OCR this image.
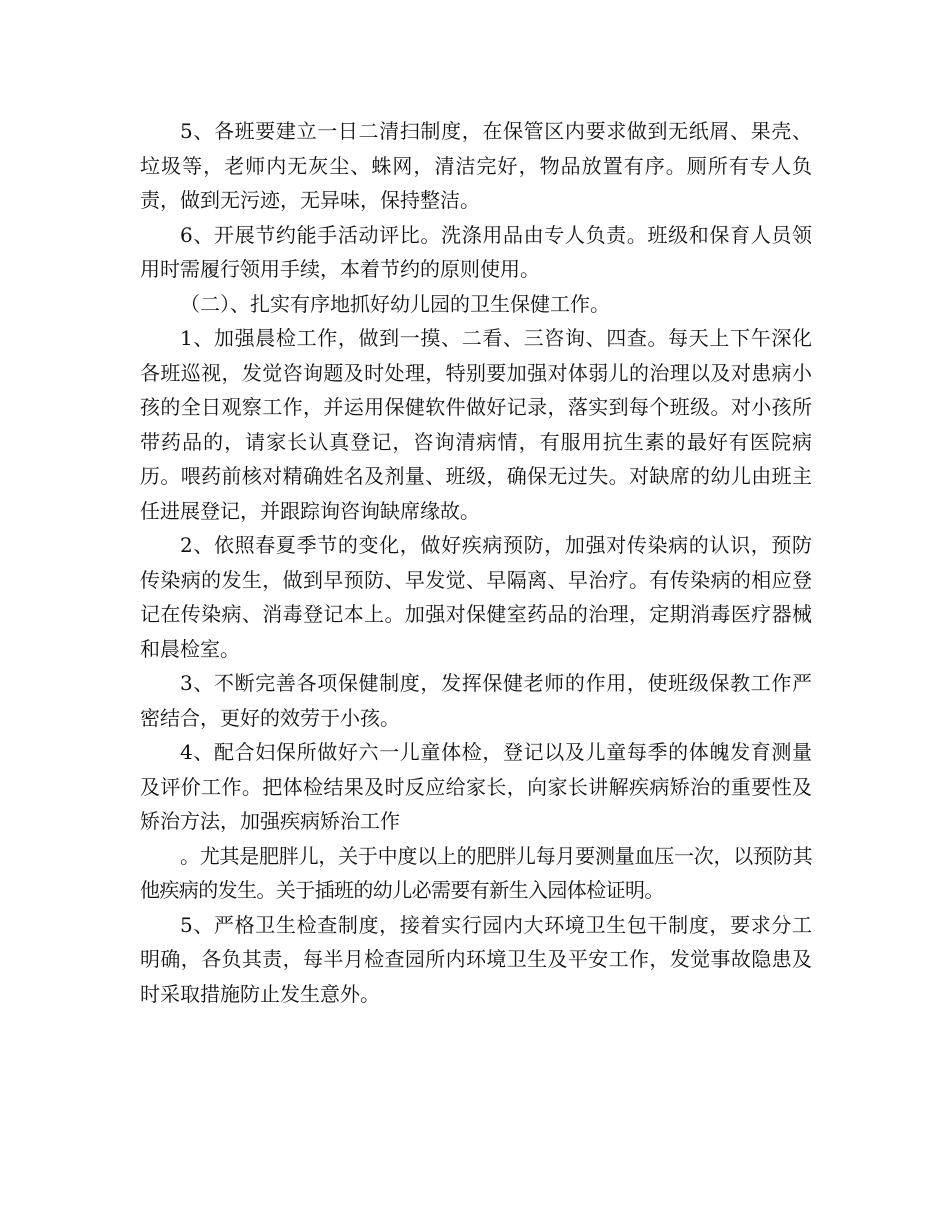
5、各班要建立一日二清扫制度，在保管区内要求做到无纸屑、果壳、垃圾等，老师内无灰尘、蛛网，清洁完好，物品放置有序。厕所有专人负责，做到无污迹，无异味，保持整洁。

6、开展节约能手活动评比。洗涤用品由专人负责。班级和保育人员领用时需履行领用手续，本着节约的原则使用。

（二）、扎实有序地抓好幼儿园的卫生保健工作。

1、加强晨检工作，做到一摸、二看、三咨询、四查。每天上下午深化各班巡视，发觉咨询题及时处理，特别要加强对体弱儿的治理以及对患病小孩的全日观察工作，并运用保健软件做好记录，落实到每个班级。对小孩所带药品的，请家长认真登记，咨询清病情，有服用抗生素的最好有医院病历。喂药前核对精确姓名及剂量、班级，确保无过失。对缺席的幼儿由班主任进展登记，并跟踪询咨询缺席缘故。

2、依照春夏季节的变化，做好疾病预防，加强对传染病的认识，预防传染病的发生，做到早预防、早发觉、早隔离、早治疗。有传染病的相应登记在传染病、消毒登记本上。加强对保健室药品的治理，定期消毒医疗器械和晨检室。

3、不断完善各项保健制度，发挥保健老师的作用，使班级保教工作严密结合，更好的效劳于小孩。

4、配合妇保所做好六一儿童体检，登记以及儿童每季的体魄发育测量及评价工作。把体检结果及时反应给家长，向家长讲解疾病矫治的重要性及矫治方法，加强疾病矫治工作

。尤其是肥胖儿，关于中度以上的肥胖儿每月要测量血压一次，以预防其他疾病的发生。关于插班的幼儿必需要有新生入园体检证明。

5、严格卫生检查制度，接着实行园内大环境卫生包干制度，要求分工明确，各负其责，每半月检查园所内环境卫生及平安工作，发觉事故隐患及时采取措施防止发生意外。
